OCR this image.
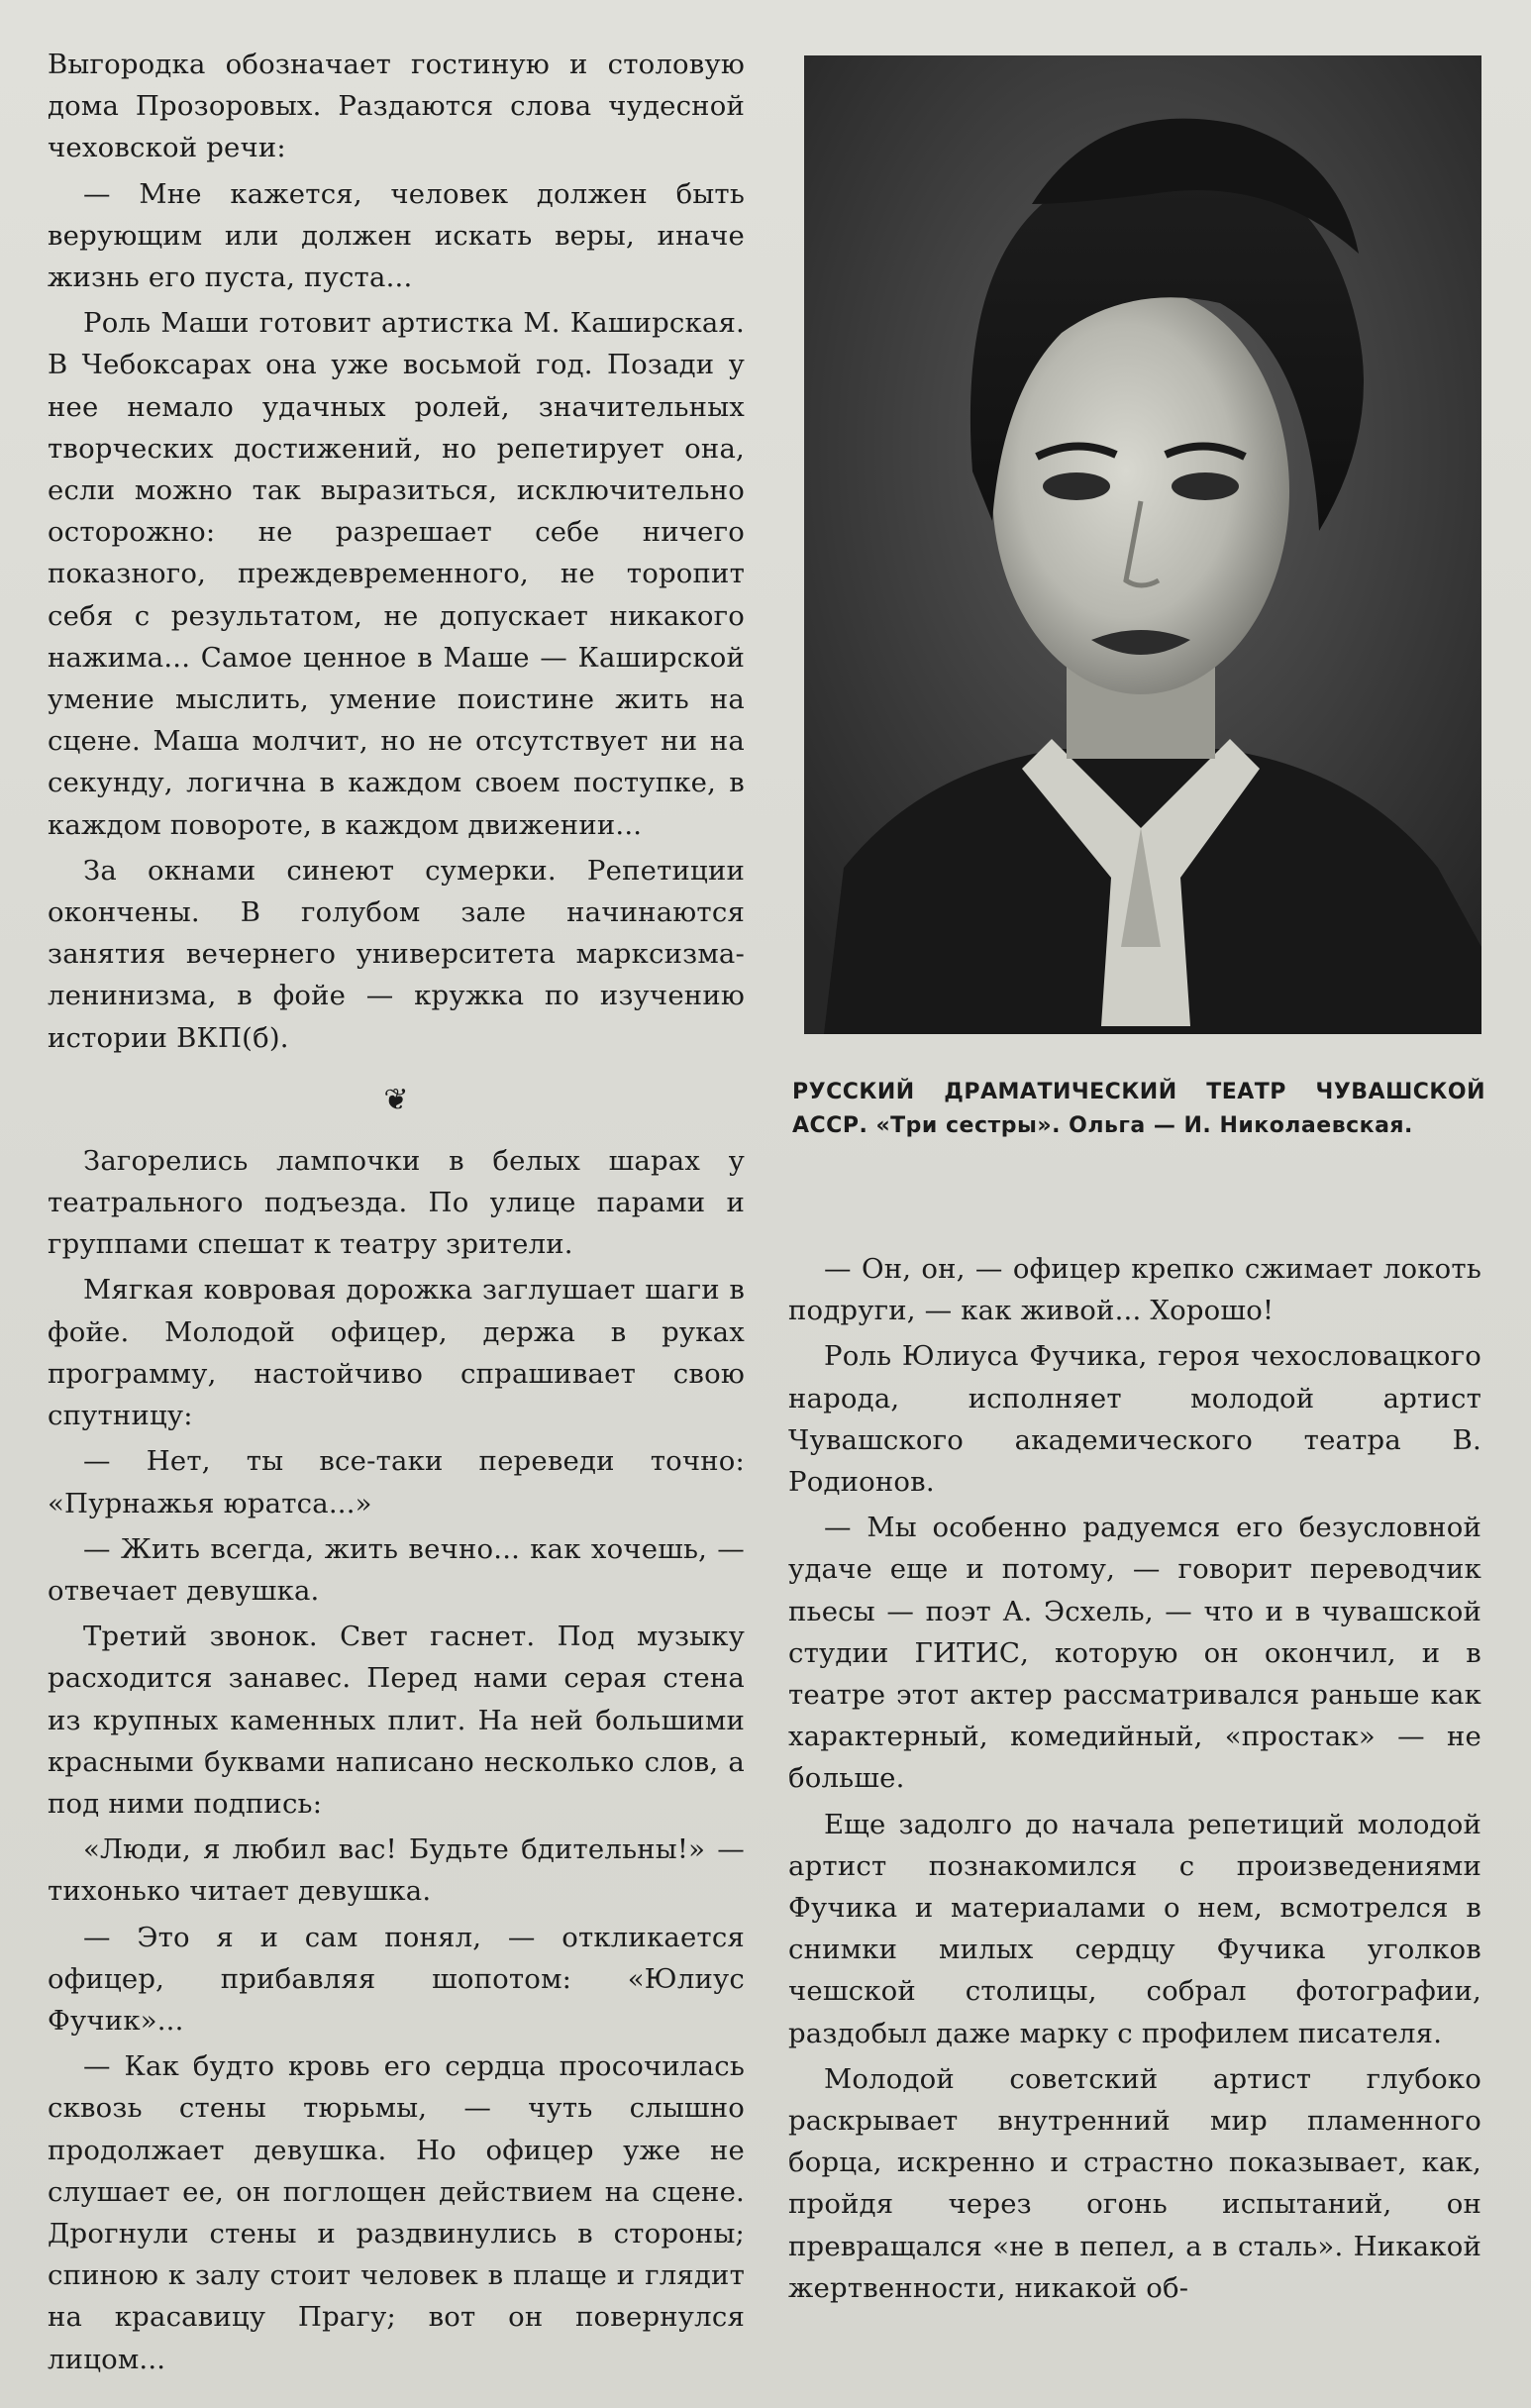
Выгородка обозначает гостиную и столовую дома Прозоровых. Раздаются слова чудесной чеховской речи:

— Мне кажется, человек должен быть верующим или должен искать веры, иначе жизнь его пуста, пуста...

Роль Маши готовит артистка М. Каширская. В Чебоксарах она уже восьмой год. Позади у нее немало удачных ролей, значительных творческих достижений, но репетирует она, если можно так выразиться, исключительно осторожно: не разрешает себе ничего показного, преждевременного, не торопит себя с результатом, не допускает никакого нажима... Самое ценное в Маше — Каширской умение мыслить, умение поистине жить на сцене. Маша молчит, но не отсутствует ни на секунду, логична в каждом своем поступке, в каждом повороте, в каждом движении...

За окнами синеют сумерки. Репетиции окончены. В голубом зале начинаются занятия вечернего университета марксизма-ленинизма, в фойе — кружка по изучению истории ВКП(б).

❦

Загорелись лампочки в белых шарах у театрального подъезда. По улице парами и группами спешат к театру зрители.

Мягкая ковровая дорожка заглушает шаги в фойе. Молодой офицер, держа в руках программу, настойчиво спрашивает свою спутницу:

— Нет, ты все-таки переведи точно: «Пурнажья юратса...»

— Жить всегда, жить вечно... как хочешь, — отвечает девушка.

Третий звонок. Свет гаснет. Под музыку расходится занавес. Перед нами серая стена из крупных каменных плит. На ней большими красными буквами написано несколько слов, а под ними подпись:

«Люди, я любил вас! Будьте бдительны!» — тихонько читает девушка.

— Это я и сам понял, — откликается офицер, прибавляя шопотом: «Юлиус Фучик»...

— Как будто кровь его сердца просочилась сквозь стены тюрьмы, — чуть слышно продолжает девушка. Но офицер уже не слушает ее, он поглощен действием на сцене. Дрогнули стены и раздвинулись в стороны; спиною к залу стоит человек в плаще и глядит на красавицу Прагу; вот он повернулся лицом...

РУССКИЙ ДРАМАТИЧЕСКИЙ ТЕАТР ЧУВАШСКОЙ АССР. «Три сестры». Ольга — И. Николаевская.

— Он, он, — офицер крепко сжимает локоть подруги, — как живой... Хорошо!

Роль Юлиуса Фучика, героя чехословацкого народа, исполняет молодой артист Чувашского академического театра В. Родионов.

— Мы особенно радуемся его безусловной удаче еще и потому, — говорит переводчик пьесы — поэт А. Эсхель, — что и в чувашской студии ГИТИС, которую он окончил, и в театре этот актер рассматривался раньше как характерный, комедийный, «простак» — не больше.

Еще задолго до начала репетиций молодой артист познакомился с произведениями Фучика и материалами о нем, всмотрелся в снимки милых сердцу Фучика уголков чешской столицы, собрал фотографии, раздобыл даже марку с профилем писателя.

Молодой советский артист глубоко раскрывает внутренний мир пламенного борца, искренно и страстно показывает, как, пройдя через огонь испытаний, он превращался «не в пепел, а в сталь». Никакой жертвенности, никакой об-
